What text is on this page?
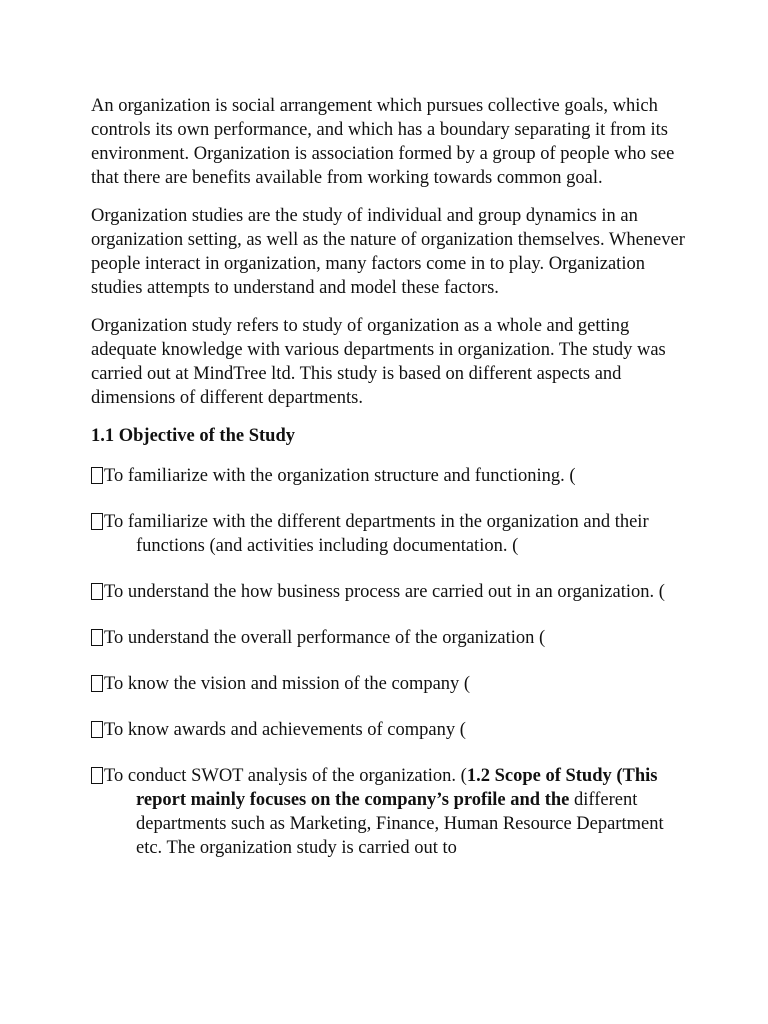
An organization is social arrangement which pursues collective goals, which controls its own performance, and which has a boundary separating it from its environment. Organization is association formed by a group of people who see that there are benefits available from working towards common goal.

Organization studies are the study of individual and group dynamics in an organization setting, as well as the nature of organization themselves. Whenever people interact in organization, many factors come in to play. Organization studies attempts to understand and model these factors.

Organization study refers to study of organization as a whole and getting adequate knowledge with various departments in organization. The study was carried out at MindTree ltd. This study is based on different aspects and dimensions of different departments.

1.1 Objective of the Study

To familiarize with the organization structure and functioning. (

To familiarize with the different departments in the organization and their functions (and activities including documentation. (

To understand the how business process are carried out in an organization. (

To understand the overall performance of the organization (

To know the vision and mission of the company (

To know awards and achievements of company (

To conduct SWOT analysis of the organization. (1.2 Scope of Study (This report mainly focuses on the company’s profile and the different departments such as Marketing, Finance, Human Resource Department etc. The organization study is carried out to
